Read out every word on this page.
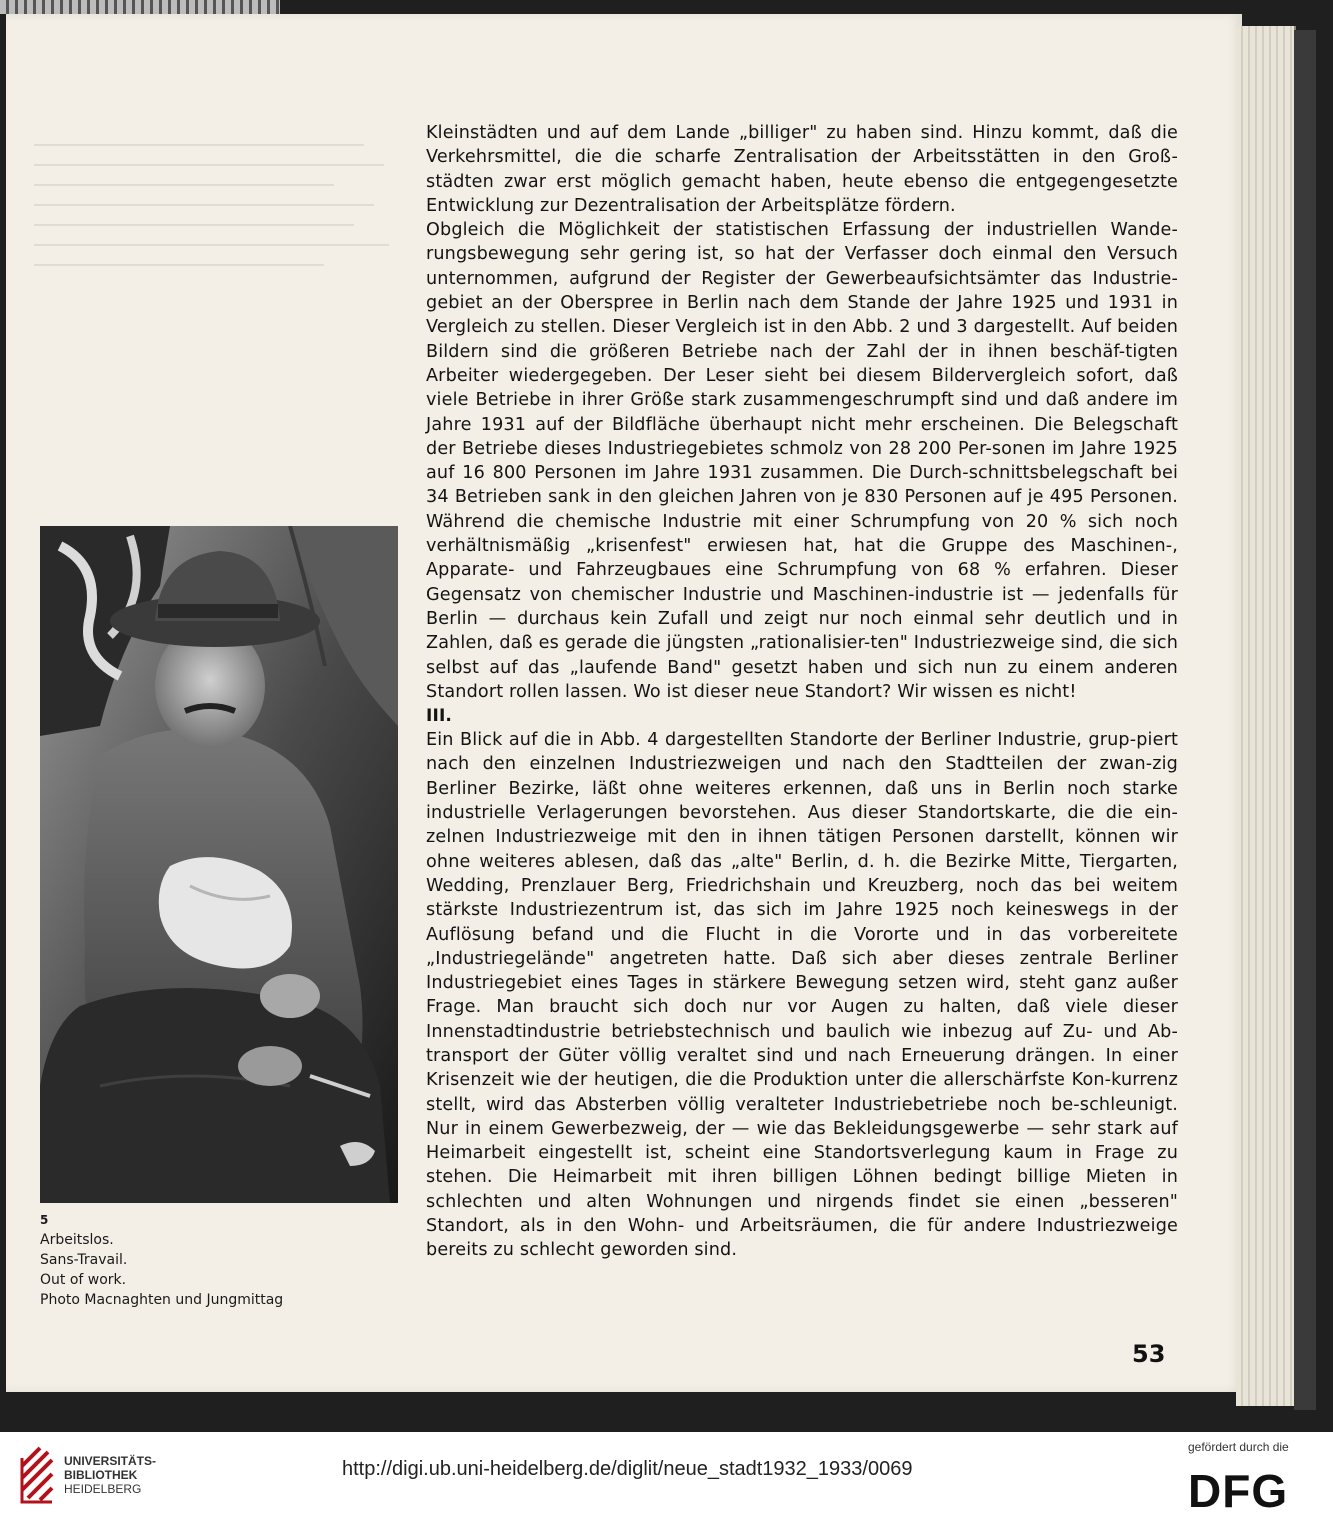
5
Arbeitslos.
Sans-Travail.
Out of work.
Photo Macnaghten und Jungmittag

Kleinstädten und auf dem Lande „billiger" zu haben sind. Hinzu kommt, daß die Verkehrsmittel, die die scharfe Zentralisation der Arbeitsstätten in den Groß-städten zwar erst möglich gemacht haben, heute ebenso die entgegengesetzte Entwicklung zur Dezentralisation der Arbeitsplätze fördern.

Obgleich die Möglichkeit der statistischen Erfassung der industriellen Wande-rungsbewegung sehr gering ist, so hat der Verfasser doch einmal den Versuch unternommen, aufgrund der Register der Gewerbeaufsichtsämter das Industrie-gebiet an der Oberspree in Berlin nach dem Stande der Jahre 1925 und 1931 in Vergleich zu stellen. Dieser Vergleich ist in den Abb. 2 und 3 dargestellt. Auf beiden Bildern sind die größeren Betriebe nach der Zahl der in ihnen beschäf-tigten Arbeiter wiedergegeben. Der Leser sieht bei diesem Bildervergleich sofort, daß viele Betriebe in ihrer Größe stark zusammengeschrumpft sind und daß andere im Jahre 1931 auf der Bildfläche überhaupt nicht mehr erscheinen. Die Belegschaft der Betriebe dieses Industriegebietes schmolz von 28 200 Per-sonen im Jahre 1925 auf 16 800 Personen im Jahre 1931 zusammen. Die Durch-schnittsbelegschaft bei 34 Betrieben sank in den gleichen Jahren von je 830 Personen auf je 495 Personen. Während die chemische Industrie mit einer Schrumpfung von 20 % sich noch verhältnismäßig „krisenfest" erwiesen hat, hat die Gruppe des Maschinen-, Apparate- und Fahrzeugbaues eine Schrumpfung von 68 % erfahren. Dieser Gegensatz von chemischer Industrie und Maschinen-industrie ist — jedenfalls für Berlin — durchaus kein Zufall und zeigt nur noch einmal sehr deutlich und in Zahlen, daß es gerade die jüngsten „rationalisier-ten" Industriezweige sind, die sich selbst auf das „laufende Band" gesetzt haben und sich nun zu einem anderen Standort rollen lassen. Wo ist dieser neue Standort? Wir wissen es nicht!

III.

Ein Blick auf die in Abb. 4 dargestellten Standorte der Berliner Industrie, grup-piert nach den einzelnen Industriezweigen und nach den Stadtteilen der zwan-zig Berliner Bezirke, läßt ohne weiteres erkennen, daß uns in Berlin noch starke industrielle Verlagerungen bevorstehen. Aus dieser Standortskarte, die die ein-zelnen Industriezweige mit den in ihnen tätigen Personen darstellt, können wir ohne weiteres ablesen, daß das „alte" Berlin, d. h. die Bezirke Mitte, Tiergarten, Wedding, Prenzlauer Berg, Friedrichshain und Kreuzberg, noch das bei weitem stärkste Industriezentrum ist, das sich im Jahre 1925 noch keineswegs in der Auflösung befand und die Flucht in die Vororte und in das vorbereitete „Industriegelände" angetreten hatte. Daß sich aber dieses zentrale Berliner Industriegebiet eines Tages in stärkere Bewegung setzen wird, steht ganz außer Frage. Man braucht sich doch nur vor Augen zu halten, daß viele dieser Innenstadtindustrie betriebstechnisch und baulich wie inbezug auf Zu- und Ab-transport der Güter völlig veraltet sind und nach Erneuerung drängen. In einer Krisenzeit wie der heutigen, die die Produktion unter die allerschärfste Kon-kurrenz stellt, wird das Absterben völlig veralteter Industriebetriebe noch be-schleunigt. Nur in einem Gewerbezweig, der — wie das Bekleidungsgewerbe — sehr stark auf Heimarbeit eingestellt ist, scheint eine Standortsverlegung kaum in Frage zu stehen. Die Heimarbeit mit ihren billigen Löhnen bedingt billige Mieten in schlechten und alten Wohnungen und nirgends findet sie einen „besseren" Standort, als in den Wohn- und Arbeitsräumen, die für andere Industriezweige bereits zu schlecht geworden sind.

53
UNIVERSITÄTS-
BIBLIOTHEK
HEIDELBERG
http://digi.ub.uni-heidelberg.de/diglit/neue_stadt1932_1933/0069
gefördert durch die
DFG
